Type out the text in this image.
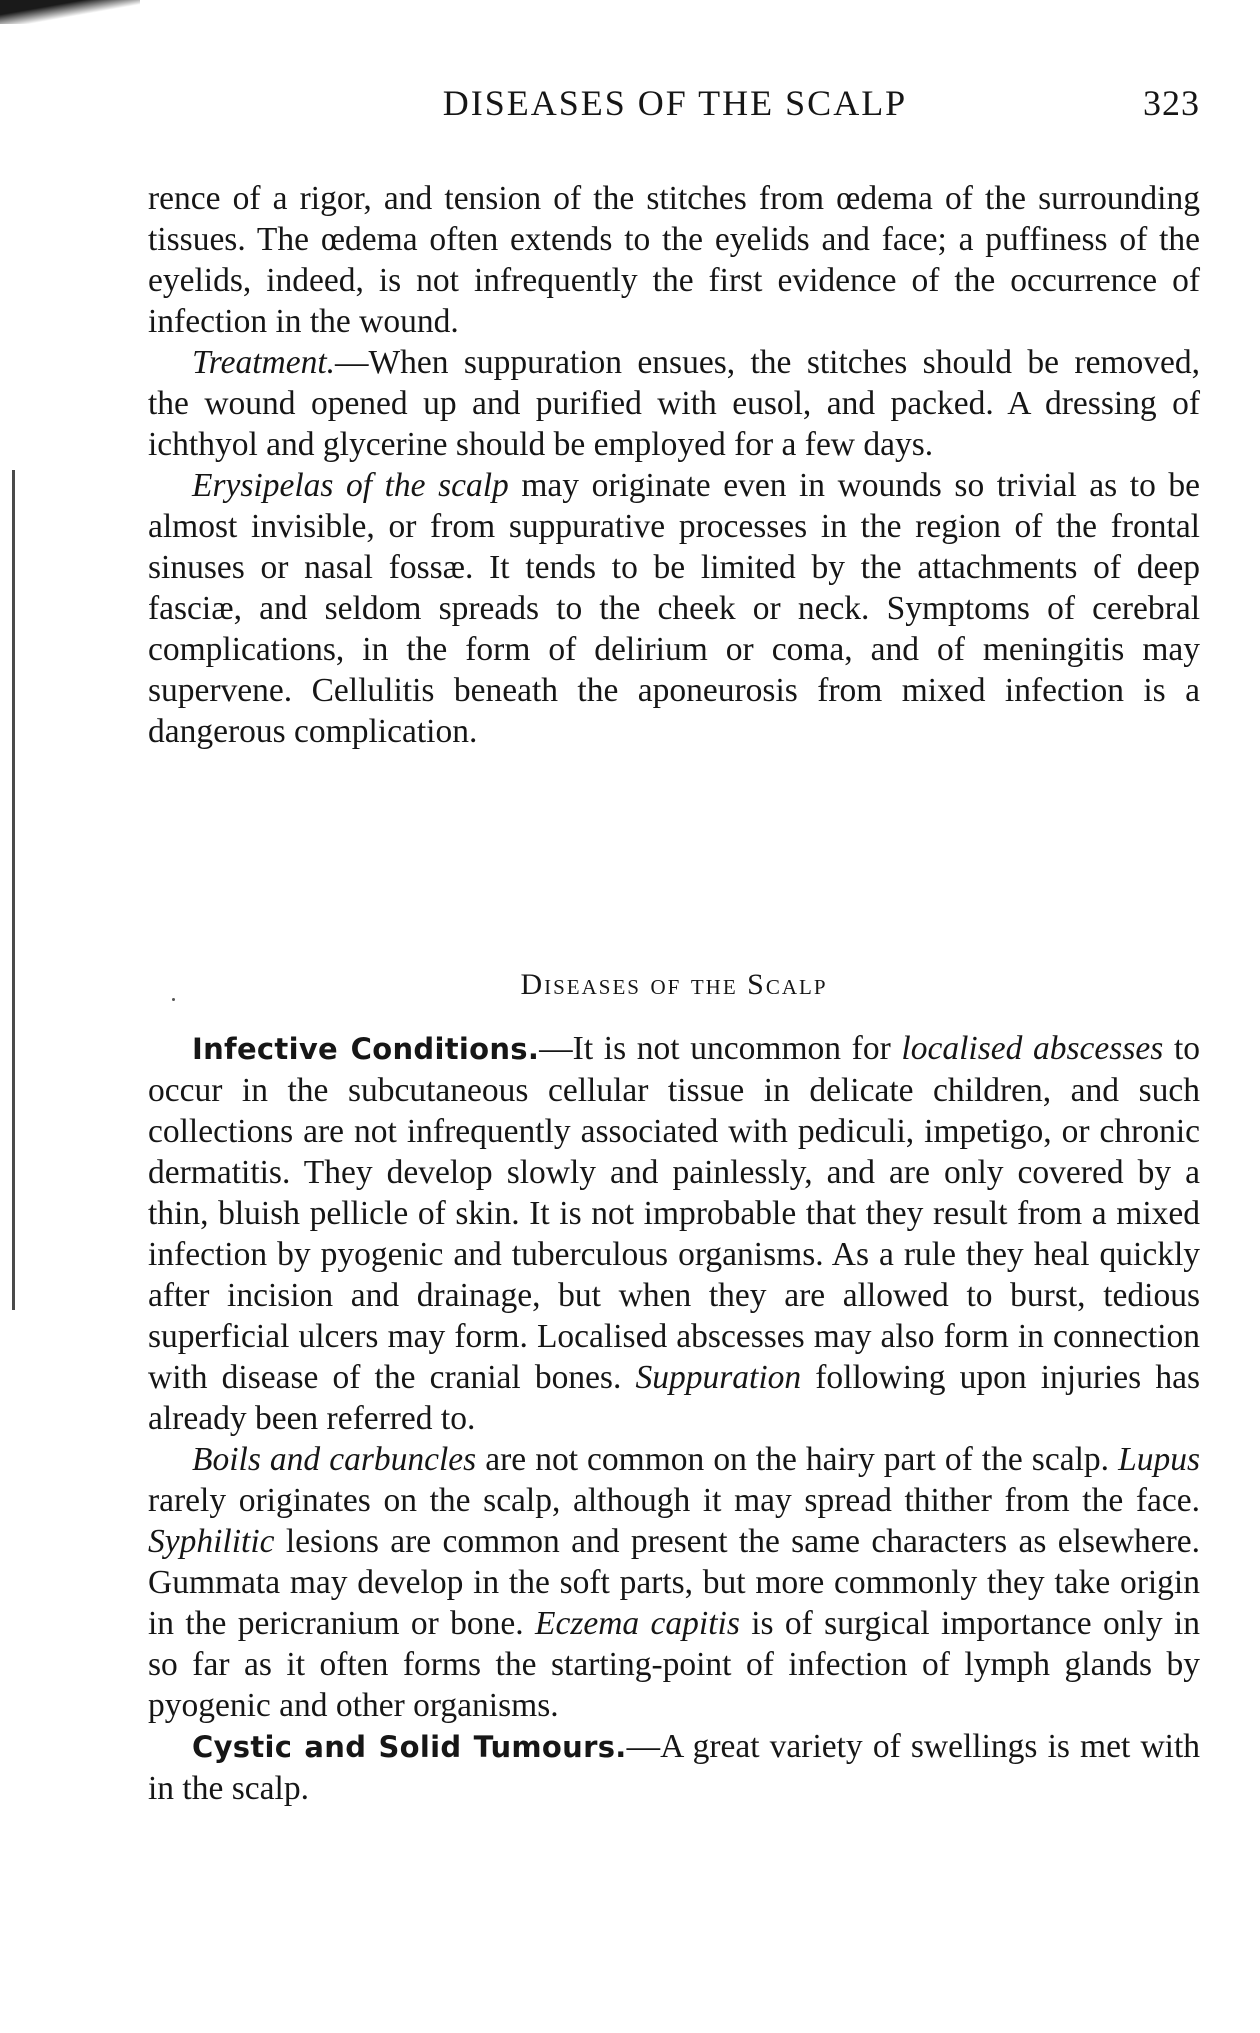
DISEASES OF THE SCALP	323

rence of a rigor, and tension of the stitches from œdema of the surrounding tissues. The œdema often extends to the eyelids and face; a puffiness of the eyelids, indeed, is not infrequently the first evidence of the occurrence of infection in the wound.

Treatment.—When suppuration ensues, the stitches should be removed, the wound opened up and purified with eusol, and packed. A dressing of ichthyol and glycerine should be employed for a few days.

Erysipelas of the scalp may originate even in wounds so trivial as to be almost invisible, or from suppurative processes in the region of the frontal sinuses or nasal fossæ. It tends to be limited by the attachments of deep fasciæ, and seldom spreads to the cheek or neck. Symptoms of cerebral complications, in the form of delirium or coma, and of meningitis may supervene. Cellulitis beneath the aponeurosis from mixed infection is a dangerous complication.

Diseases of the Scalp

Infective Conditions.—It is not uncommon for localised abscesses to occur in the subcutaneous cellular tissue in delicate children, and such collections are not infrequently associated with pediculi, impetigo, or chronic dermatitis. They develop slowly and painlessly, and are only covered by a thin, bluish pellicle of skin. It is not improbable that they result from a mixed infection by pyogenic and tuberculous organisms. As a rule they heal quickly after incision and drainage, but when they are allowed to burst, tedious superficial ulcers may form. Localised abscesses may also form in connection with disease of the cranial bones. Suppuration following upon injuries has already been referred to.

Boils and carbuncles are not common on the hairy part of the scalp. Lupus rarely originates on the scalp, although it may spread thither from the face. Syphilitic lesions are common and present the same characters as elsewhere. Gummata may develop in the soft parts, but more commonly they take origin in the pericranium or bone. Eczema capitis is of surgical importance only in so far as it often forms the starting-point of infection of lymph glands by pyogenic and other organisms.

Cystic and Solid Tumours.—A great variety of swellings is met with in the scalp.
